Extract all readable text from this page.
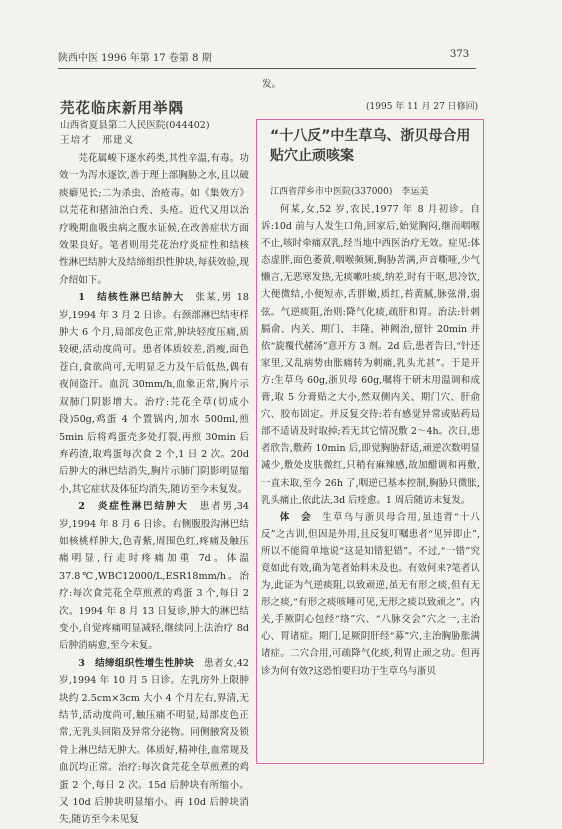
陕西中医 1996 年第 17 卷第 8 期	373
芫花临床新用举隅
山西省夏县第二人民医院(044402)
王培才　邢建义

芫花属峻下逐水药类,其性辛温,有毒。功效一为泻水逐饮,善于理上部胸胁之水,且以破痰癖见长;二为杀虫、治疮毒。如《集效方》以芫花和猪油治白秃、头疮。近代又用以治疗晚期血吸虫病之腹水证候,在改善症状方面效果良好。笔者则用芫花治疗炎症性和结核性淋巴结肿大及结缔组织性肿块,每获效验,现介绍如下。

1　结核性淋巴结肿大　 张某,男 18 岁,1994 年 3 月 2 日诊。右颈部淋巴结枣样肿大 6 个月,局部皮色正常,肿块轻度压痛,质较硬,活动度尚可。患者体质较差,消瘦,面色苍白,食欲尚可,无明显乏力及午后低热,偶有夜间盗汗。血沉 30mm/h,血象正常,胸片示双肺门阴影增大。治疗:芫花全草(切成小段)50g,鸡蛋 4 个置锅内,加水 500ml,煎 5min 后将鸡蛋壳多处打裂,再煎 30min 后弃药渣,取鸡蛋每次食 2 个,1 日 2 次。20d 后肿大的淋巴结消失,胸片示肺门阴影明显缩小,其它症状及体征均消失,随访至今未复发。

2　炎症性淋巴结肿大　 患者男,34 岁,1994 年 8 月 6 日诊。右侧腹股沟淋巴结如核桃样肿大,色青紫,周围色红,疼痛及触压痛明显,行走时疼痛加重 7d。体温 37.8℃,WBC12000/L,ESR18mm/h。治疗:每次食芫花全草煎煮的鸡蛋 3 个,每日 2 次。1994 年 8 月 13 日复诊,肿大的淋巴结变小,自觉疼痛明显减轻,继续同上法治疗 8d 后肿消病愈,至今未复。

3　结缔组织性增生性肿块　 患者女,42 岁,1994 年 10 月 5 日诊。左乳房外上限肿块约 2.5cm×3cm 大小 4 个月左右,界清,无结节,活动度尚可,触压痛不明显,局部皮色正常,无乳头回陷及异常分泌物。同侧腋窝及锁骨上淋巴结无肿大。体质好,精神佳,血常规及血沉均正常。治疗:每次食芫花全草煎煮的鸡蛋 2 个,每日 2 次。15d 后肿块有所缩小。又 10d 后肿块明显缩小。再 10d 后肿块消失,随访至今未见复

发。
(1995 年 11 月 27 日修回)
“十八反”中生草乌、浙贝母合用贴穴止顽咳案
江西省萍乡市中医院(337000)　李运美

何某,女,52 岁,农民,1977 年 8 月初诊。自诉:10d 前与人发生口角,回家后,始觉胸闷,继而咽喉不止,咳时牵痛双乳,经当地中西医治疗无效。症见:体态虚胖,面色萎黄,咽喉频频,胸胁苦满,声音嘶哑,少气懒言,无恶寒发热,无痰嗽吐痰,纳差,时有干呕,思冷饮,大便微结,小便短赤,舌胖嫩,质红,苔黄腻,脉弦滑,弱弦。气逆痰阻,治则:降气化痰,疏肝和胃。治法:针刺膈俞、内关、期门、丰隆、神阙治,留针 20min 并依“旋覆代赭汤”意开方 3 剂。2d 后,患者告曰,“针还家里,又乱病势由胀痛转为刺痛,乳头尤甚”。于是开方:生草乌 60g,浙贝母 60g,嘱将干研末用温调和成膏,取 5 分膏贴之大小,然双侧内关、期门穴、肝俞穴、胶布固定。并反复交待:若有感觉异常或贴药局部不适请及时取掉;若无其它情况敷 2～4h。次日,患者欣告,敷药 10min 后,即觉胸胁舒适,顽逆次数明显减少,敷处皮肤微红,只稍有麻辣感,故加醋调和再敷,一直未取,至今 26h 了,咽逆已基本控制,胸胁只微胀,乳头痛止,依此法,3d 后痊愈。1 周后随访未复发。

体　会　 生草乌与浙贝母合用,虽违背“十八反”之古训,但因是外用,且反复叮嘱患者“见异即止”,所以不能简单地说“这是知错犯错”。不过,“一错”究竟如此有效,确为笔者始料未及也。有效何来?笔者认为,此证为气逆痰阻,以致顽逆,虽无有形之痰,但有无形之痰,“有形之痰咳唾可见,无形之痰以致顽之”。内关,手厥阴心包经“络”穴、“八脉交会”穴之一,主治心、胃诸症。期门,足厥阴肝经“募”穴,主治胸胁胀满诸症。二穴合用,可疏降气化痰,利胃止顽之功。但再诊为何有效?这恐怕要归功于生草乌与浙贝
